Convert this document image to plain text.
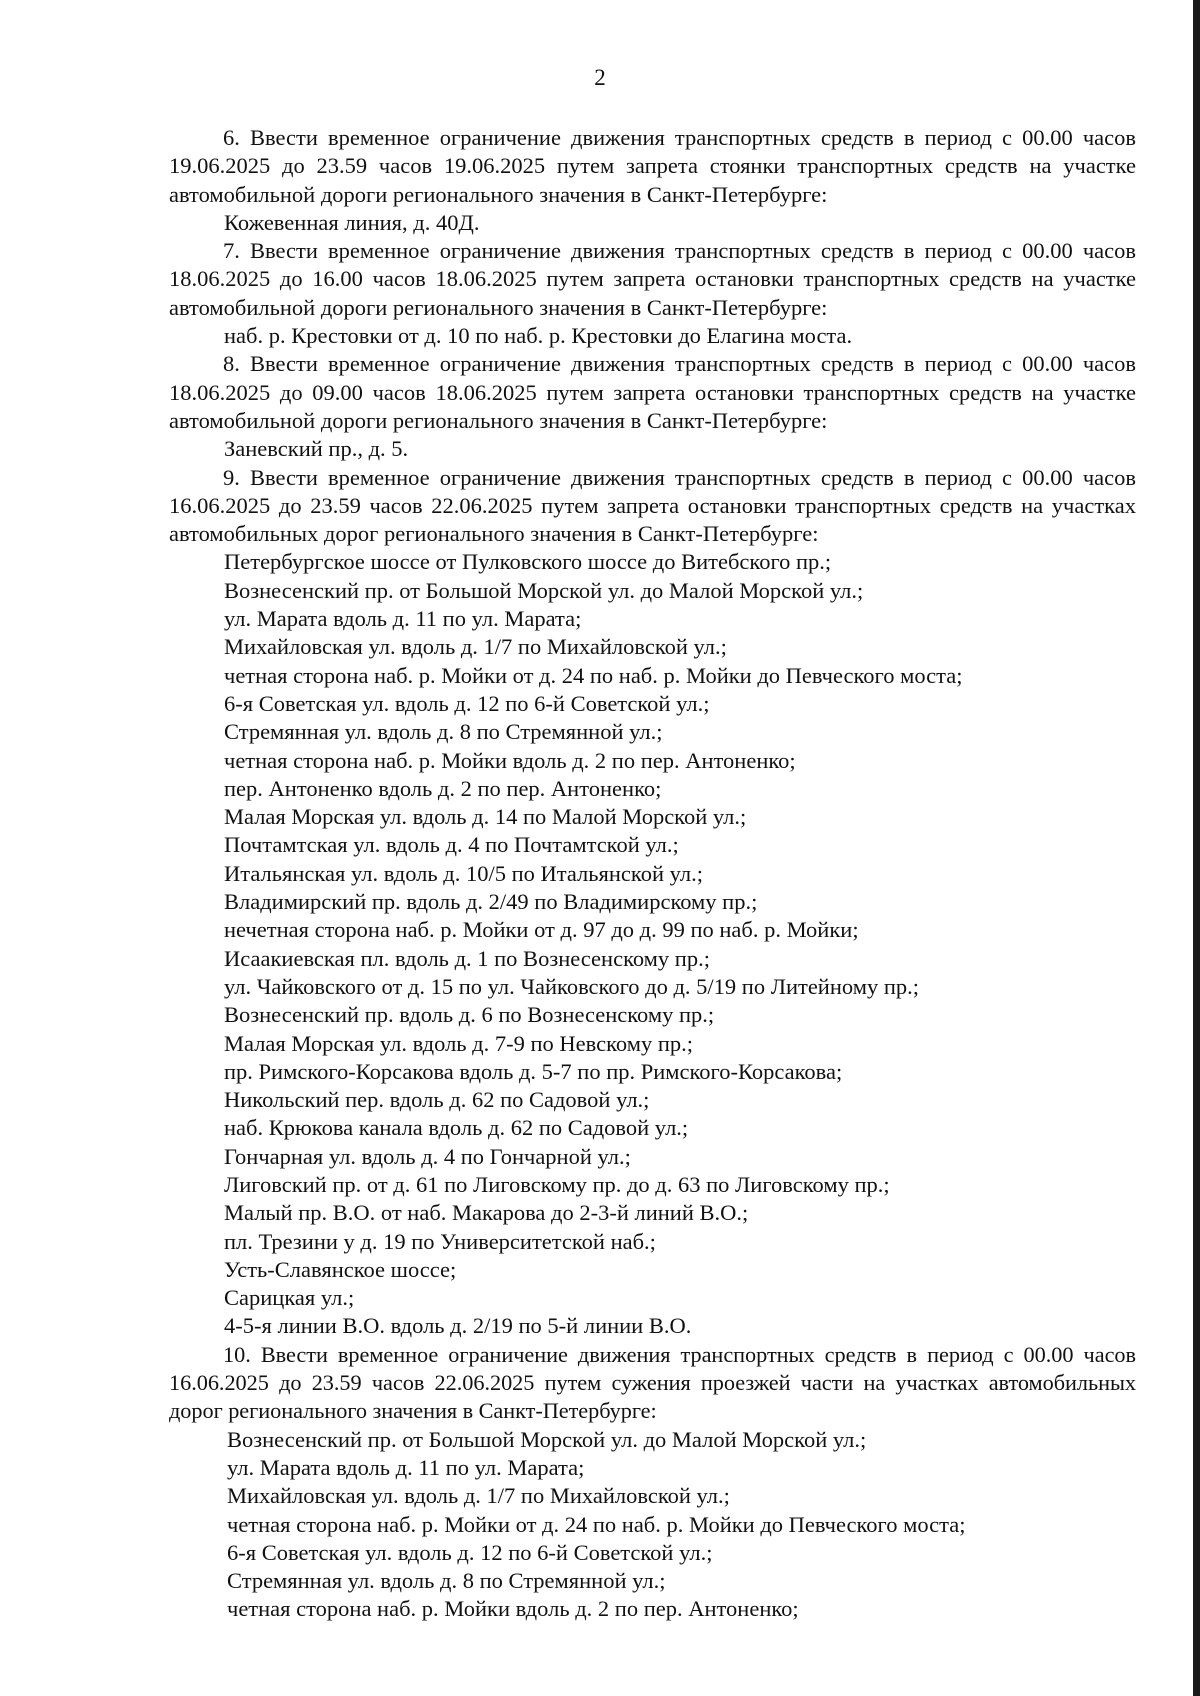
2

6. Ввести временное ограничение движения транспортных средств в период с 00.00 часов 19.06.2025 до 23.59 часов 19.06.2025 путем запрета стоянки транспортных средств на участке автомобильной дороги регионального значения в Санкт-Петербурге:

Кожевенная линия, д. 40Д.

7. Ввести временное ограничение движения транспортных средств в период с 00.00 часов 18.06.2025 до 16.00 часов 18.06.2025 путем запрета остановки транспортных средств на участке автомобильной дороги регионального значения в Санкт-Петербурге:

наб. р. Крестовки от д. 10 по наб. р. Крестовки до Елагина моста.

8. Ввести временное ограничение движения транспортных средств в период с 00.00 часов 18.06.2025 до 09.00 часов 18.06.2025 путем запрета остановки транспортных средств на участке автомобильной дороги регионального значения в Санкт-Петербурге:

Заневский пр., д. 5.

9. Ввести временное ограничение движения транспортных средств в период с 00.00 часов 16.06.2025 до 23.59 часов 22.06.2025 путем запрета остановки транспортных средств на участках автомобильных дорог регионального значения в Санкт-Петербурге:

Петербургское шоссе от Пулковского шоссе до Витебского пр.;

Вознесенский пр. от Большой Морской ул. до Малой Морской ул.;

ул. Марата вдоль д. 11 по ул. Марата;

Михайловская ул. вдоль д. 1/7 по Михайловской ул.;

четная сторона наб. р. Мойки от д. 24 по наб. р. Мойки до Певческого моста;

6-я Советская ул. вдоль д. 12 по 6-й Советской ул.;

Стремянная ул. вдоль д. 8 по Стремянной ул.;

четная сторона наб. р. Мойки вдоль д. 2 по пер. Антоненко;

пер. Антоненко вдоль д. 2 по пер. Антоненко;

Малая Морская ул. вдоль д. 14 по Малой Морской ул.;

Почтамтская ул. вдоль д. 4 по Почтамтской ул.;

Итальянская ул. вдоль д. 10/5 по Итальянской ул.;

Владимирский пр. вдоль д. 2/49 по Владимирскому пр.;

нечетная сторона наб. р. Мойки от д. 97 до д. 99 по наб. р. Мойки;

Исаакиевская пл. вдоль д. 1 по Вознесенскому пр.;

ул. Чайковского от д. 15 по ул. Чайковского до д. 5/19 по Литейному пр.;

Вознесенский пр. вдоль д. 6 по Вознесенскому пр.;

Малая Морская ул. вдоль д. 7-9 по Невскому пр.;

пр. Римского-Корсакова вдоль д. 5-7 по пр. Римского-Корсакова;

Никольский пер. вдоль д. 62 по Садовой ул.;

наб. Крюкова канала вдоль д. 62 по Садовой ул.;

Гончарная ул. вдоль д. 4 по Гончарной ул.;

Лиговский пр. от д. 61 по Лиговскому пр. до д. 63 по Лиговскому пр.;

Малый пр. В.О. от наб. Макарова до 2-3-й линий В.О.;

пл. Трезини у д. 19 по Университетской наб.;

Усть-Славянское шоссе;

Сарицкая ул.;

4-5-я линии В.О. вдоль д. 2/19 по 5-й линии В.О.

10. Ввести временное ограничение движения транспортных средств в период с 00.00 часов 16.06.2025 до 23.59 часов 22.06.2025 путем сужения проезжей части на участках автомобильных дорог регионального значения в Санкт-Петербурге:

Вознесенский пр. от Большой Морской ул. до Малой Морской ул.;

ул. Марата вдоль д. 11 по ул. Марата;

Михайловская ул. вдоль д. 1/7 по Михайловской ул.;

четная сторона наб. р. Мойки от д. 24 по наб. р. Мойки до Певческого моста;

6-я Советская ул. вдоль д. 12 по 6-й Советской ул.;

Стремянная ул. вдоль д. 8 по Стремянной ул.;

четная сторона наб. р. Мойки вдоль д. 2 по пер. Антоненко;
